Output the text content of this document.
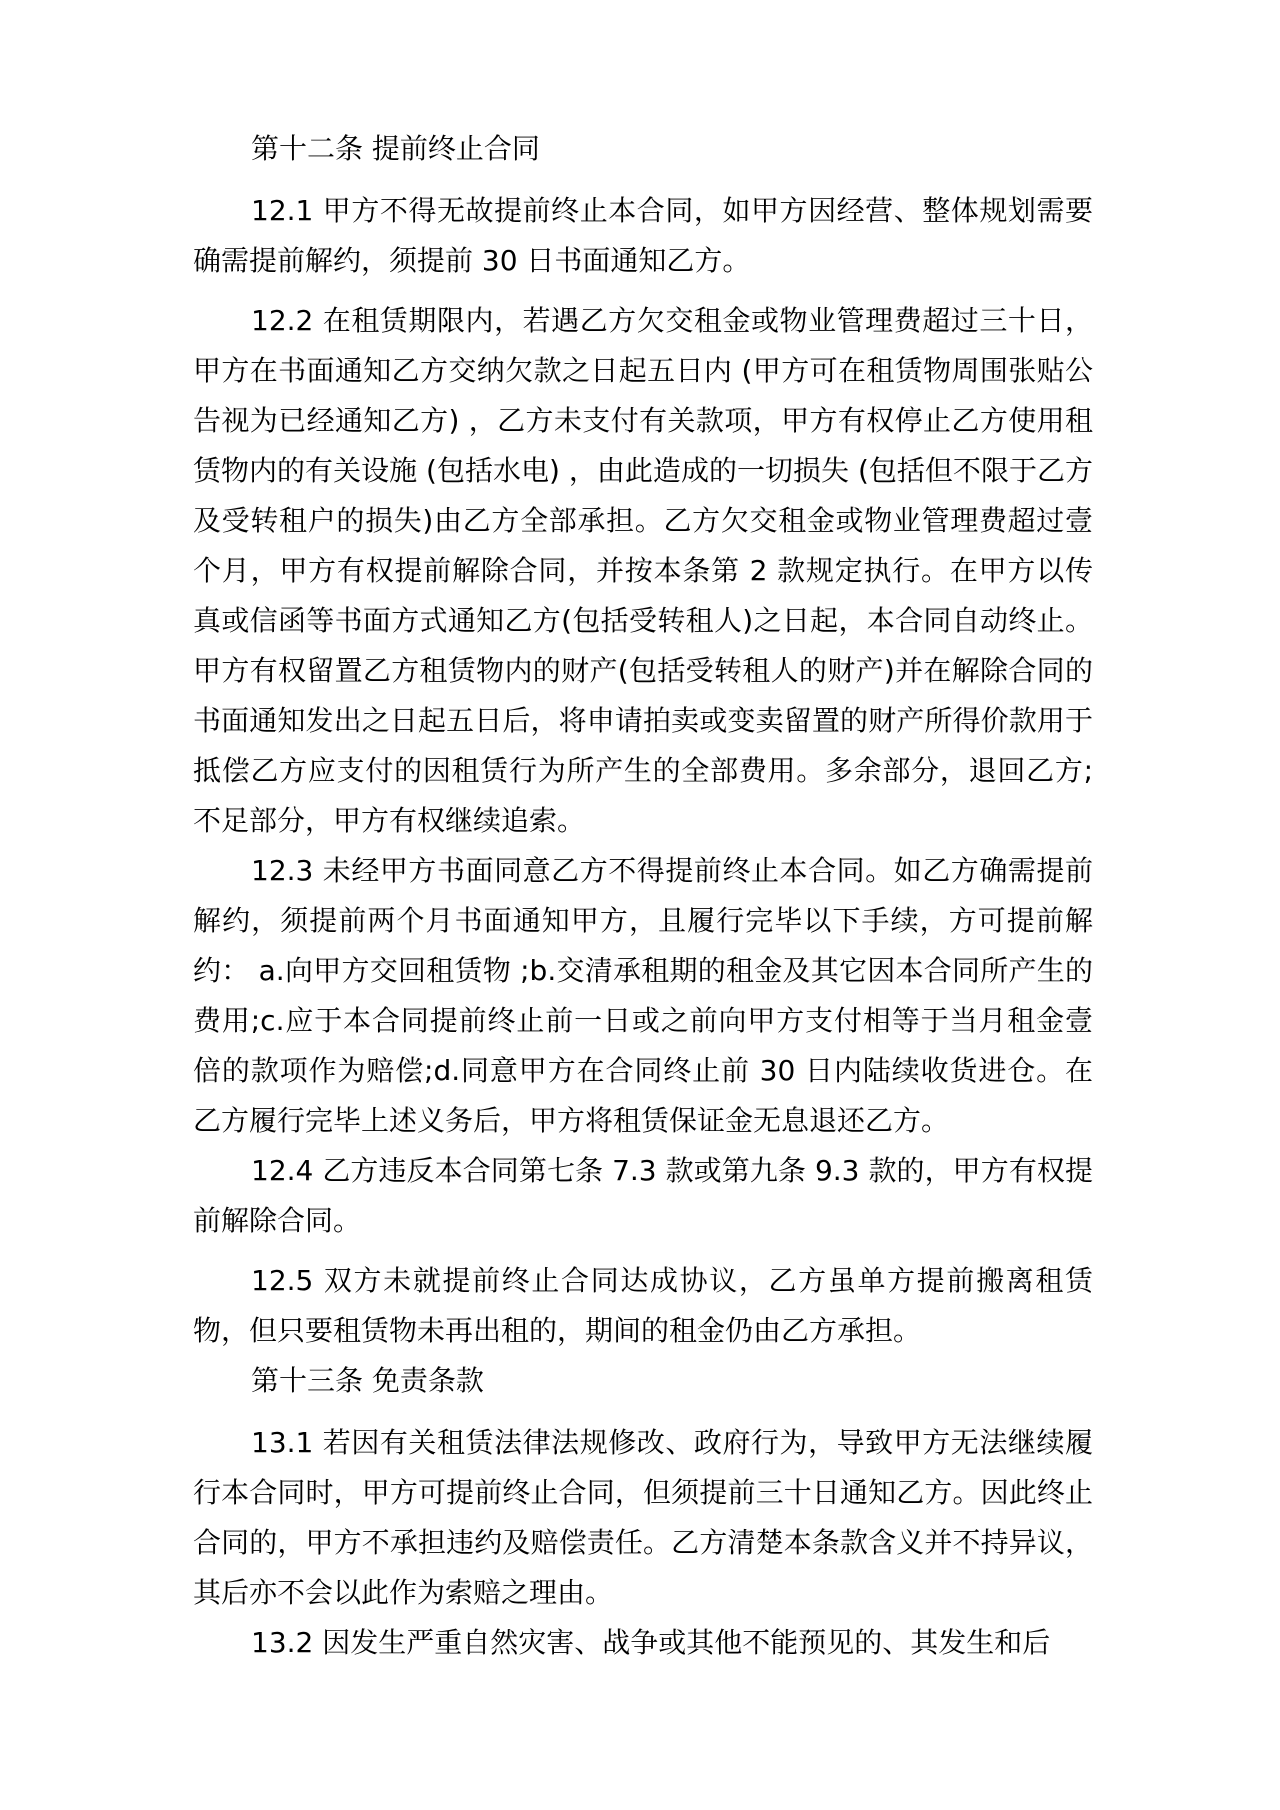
第十二条 提前终止合同

12.1 甲方不得无故提前终止本合同，如甲方因经营、整体规划需要确需提前解约，须提前 30 日书面通知乙方。

12.2 在租赁期限内，若遇乙方欠交租金或物业管理费超过三十日，甲方在书面通知乙方交纳欠款之日起五日内 (甲方可在租赁物周围张贴公告视为已经通知乙方) ，乙方未支付有关款项，甲方有权停止乙方使用租赁物内的有关设施 (包括水电) ，由此造成的一切损失 (包括但不限于乙方及受转租户的损失)由乙方全部承担。乙方欠交租金或物业管理费超过壹个月，甲方有权提前解除合同，并按本条第 2 款规定执行。在甲方以传真或信函等书面方式通知乙方(包括受转租人)之日起，本合同自动终止。甲方有权留置乙方租赁物内的财产(包括受转租人的财产)并在解除合同的书面通知发出之日起五日后，将申请拍卖或变卖留置的财产所得价款用于抵偿乙方应支付的因租赁行为所产生的全部费用。多余部分，退回乙方;不足部分，甲方有权继续追索。

12.3 未经甲方书面同意乙方不得提前终止本合同。如乙方确需提前解约，须提前两个月书面通知甲方，且履行完毕以下手续，方可提前解约： a.向甲方交回租赁物 ;b.交清承租期的租金及其它因本合同所产生的费用;c.应于本合同提前终止前一日或之前向甲方支付相等于当月租金壹倍的款项作为赔偿;d.同意甲方在合同终止前 30 日内陆续收货进仓。在乙方履行完毕上述义务后，甲方将租赁保证金无息退还乙方。

12.4 乙方违反本合同第七条 7.3 款或第九条 9.3 款的，甲方有权提前解除合同。

12.5 双方未就提前终止合同达成协议，乙方虽单方提前搬离租赁物，但只要租赁物未再出租的，期间的租金仍由乙方承担。

第十三条 免责条款

13.1 若因有关租赁法律法规修改、政府行为，导致甲方无法继续履行本合同时，甲方可提前终止合同，但须提前三十日通知乙方。因此终止合同的，甲方不承担违约及赔偿责任。乙方清楚本条款含义并不持异议，其后亦不会以此作为索赔之理由。

13.2 因发生严重自然灾害、战争或其他不能预见的、其发生和后
